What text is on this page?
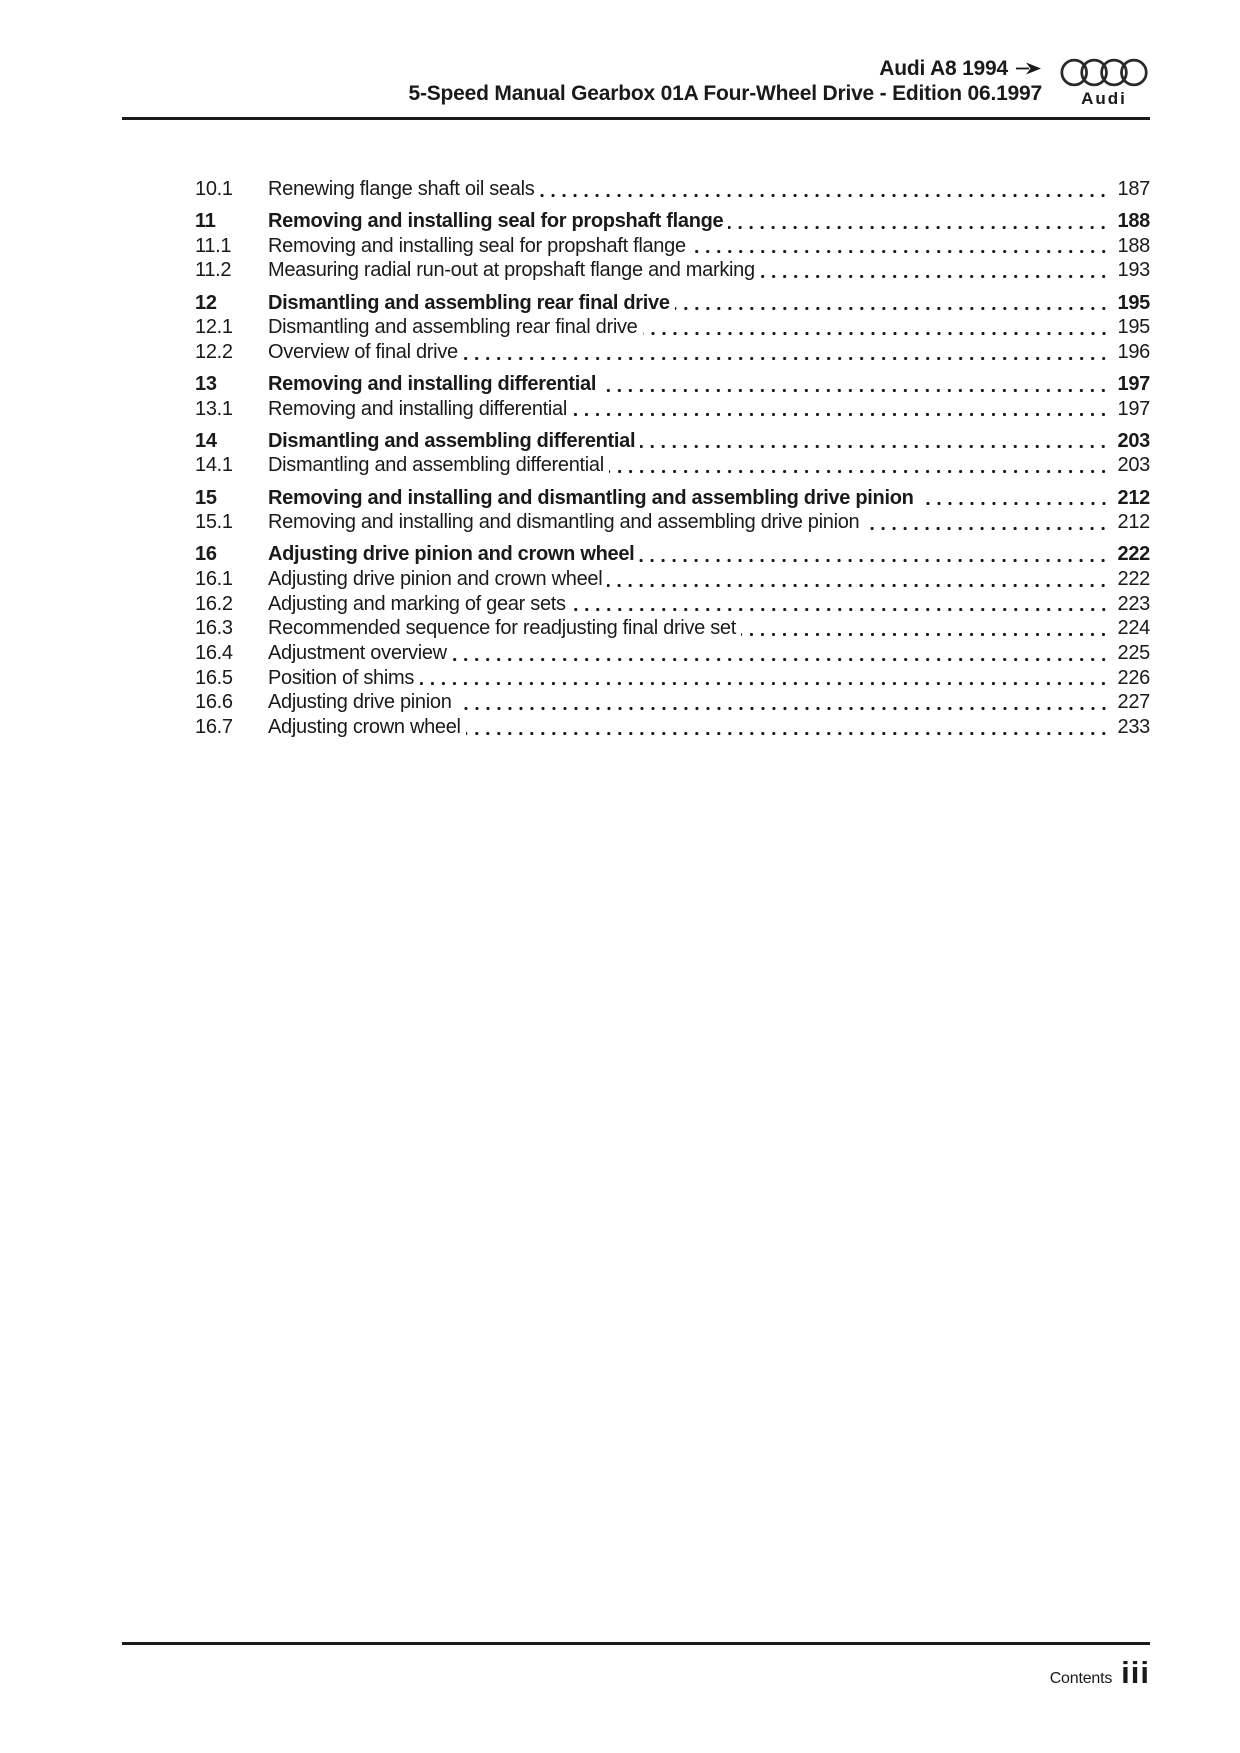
Audi A8 1994
5-Speed Manual Gearbox 01A Four-Wheel Drive - Edition 06.1997 Audi
10.1	Renewing flange shaft oil seals	187
11	Removing and installing seal for propshaft flange	188
11.1	Removing and installing seal for propshaft flange	188
11.2	Measuring radial run-out at propshaft flange and marking	193
12	Dismantling and assembling rear final drive	195
12.1	Dismantling and assembling rear final drive	195
12.2	Overview of final drive	196
13	Removing and installing differential	197
13.1	Removing and installing differential	197
14	Dismantling and assembling differential	203
14.1	Dismantling and assembling differential	203
15	Removing and installing and dismantling and assembling drive pinion	212
15.1	Removing and installing and dismantling and assembling drive pinion	212
16	Adjusting drive pinion and crown wheel	222
16.1	Adjusting drive pinion and crown wheel	222
16.2	Adjusting and marking of gear sets	223
16.3	Recommended sequence for readjusting final drive set	224
16.4	Adjustment overview	225
16.5	Position of shims	226
16.6	Adjusting drive pinion	227
16.7	Adjusting crown wheel	233
Contents iii
